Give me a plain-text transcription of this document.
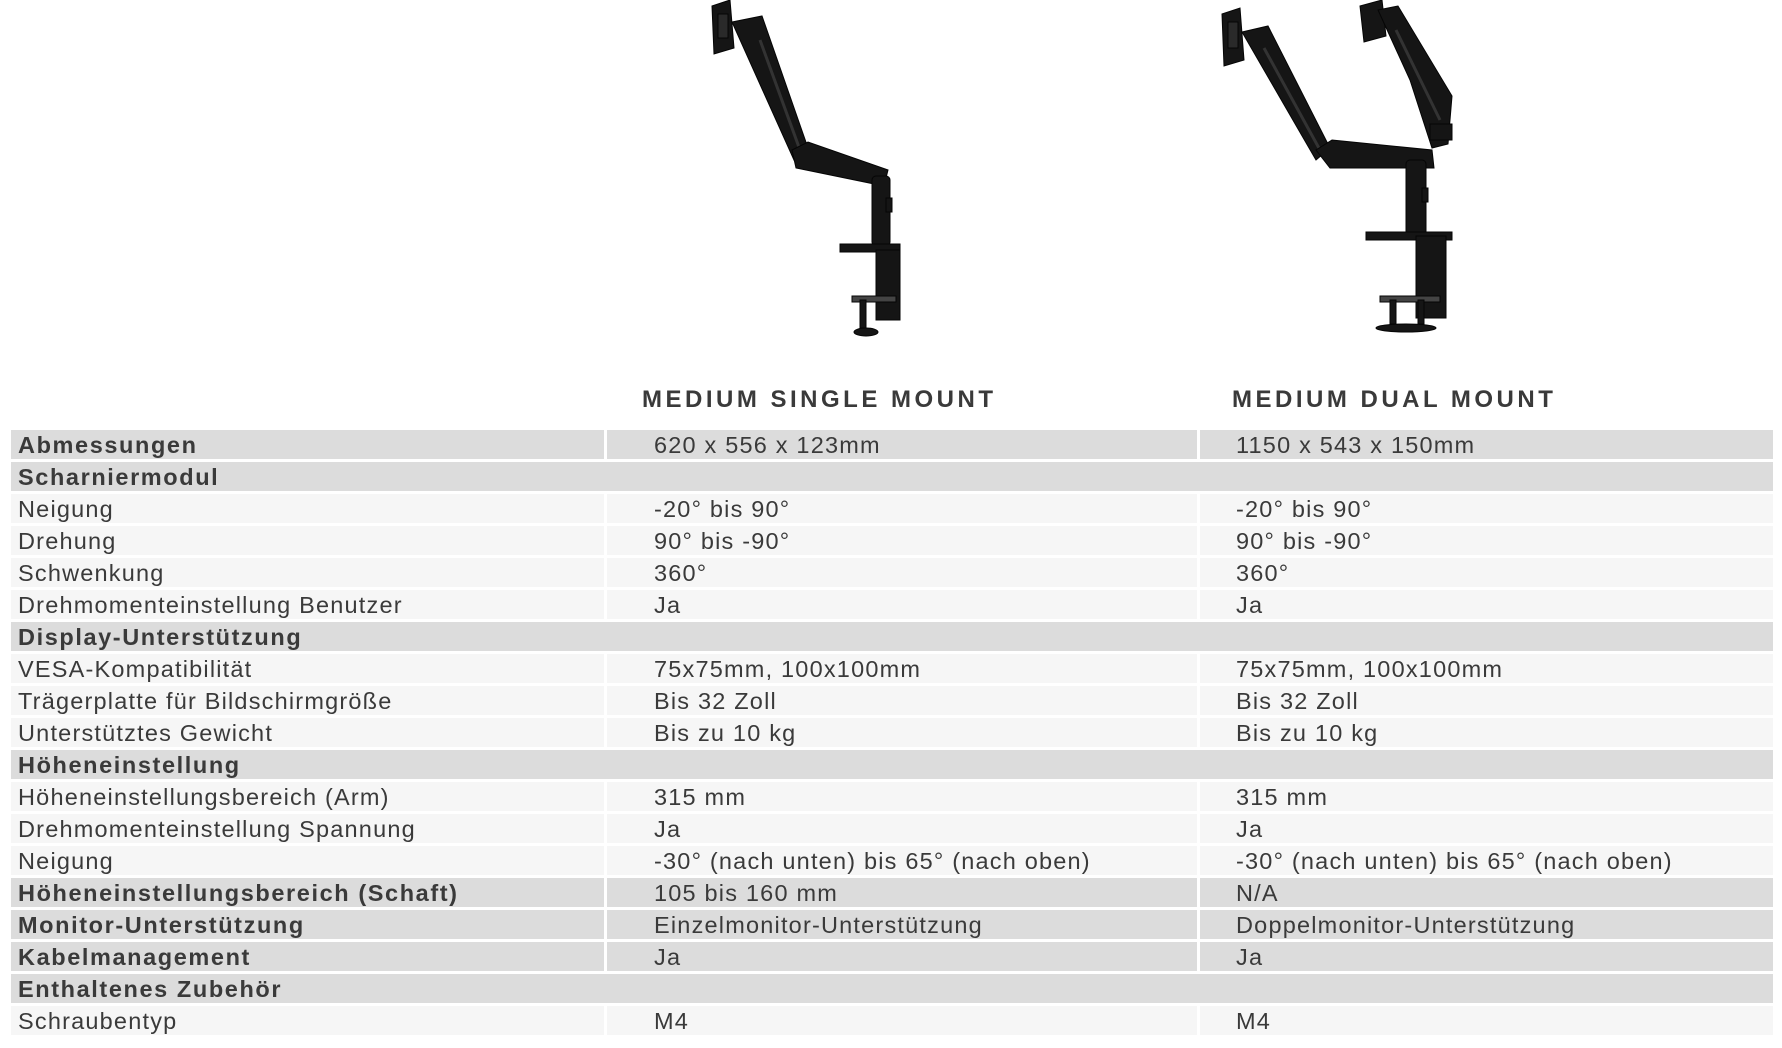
MEDIUM SINGLE MOUNT	MEDIUM DUAL MOUNT
Abmessungen	620 x 556 x 123mm	1150 x 543 x 150mm
Scharniermodul
Neigung	-20° bis 90°	-20° bis 90°
Drehung	90° bis -90°	90° bis -90°
Schwenkung	360°	360°
Drehmomenteinstellung Benutzer	Ja	Ja
Display-Unterstützung
VESA-Kompatibilität	75x75mm, 100x100mm	75x75mm, 100x100mm
Trägerplatte für Bildschirmgröße	Bis 32 Zoll	Bis 32 Zoll
Unterstütztes Gewicht	Bis zu 10 kg	Bis zu 10 kg
Höheneinstellung
Höheneinstellungsbereich (Arm)	315 mm	315 mm
Drehmomenteinstellung Spannung	Ja	Ja
Neigung	-30° (nach unten) bis 65° (nach oben)	-30° (nach unten) bis 65° (nach oben)
Höheneinstellungsbereich (Schaft)	105 bis 160 mm	N/A
Monitor-Unterstützung	Einzelmonitor-Unterstützung	Doppelmonitor-Unterstützung
Kabelmanagement	Ja	Ja
Enthaltenes Zubehör
Schraubentyp	M4	M4
